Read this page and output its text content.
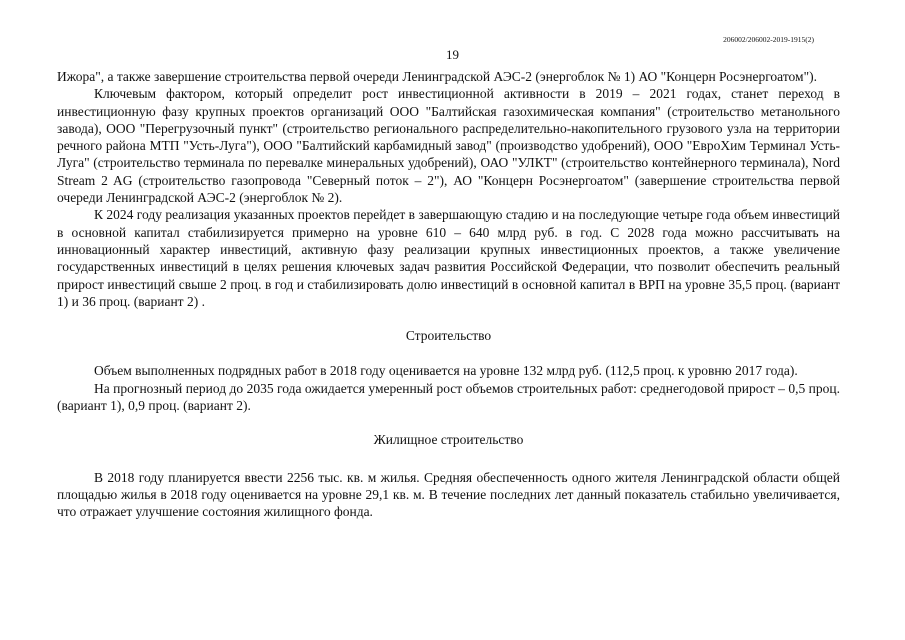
206002/206002-2019-1915(2)
19

Ижора", а также завершение строительства первой очереди Ленинградской АЭС-2 (энергоблок № 1) АО "Концерн Росэнергоатом").

Ключевым фактором, который определит рост инвестиционной активности в 2019 – 2021 годах, станет переход в инвестиционную фазу крупных проектов организаций ООО "Балтийская газохимическая компания" (строительство метанольного завода), ООО "Перегрузочный пункт" (строительство регионального распределительно-накопительного грузового узла на территории речного района МТП "Усть-Луга"), ООО "Балтийский карбамидный завод" (производство удобрений), ООО "ЕвроХим Терминал Усть-Луга" (строительство терминала по перевалке минеральных удобрений), ОАО "УЛКТ" (строительство контейнерного терминала), Nord Stream 2 AG (строительство газопровода "Северный поток – 2"), АО "Концерн Росэнергоатом" (завершение строительства первой очереди Ленинградской АЭС-2 (энергоблок № 2).

К 2024 году реализация указанных проектов перейдет в завершающую стадию и на последующие четыре года объем инвестиций в основной капитал стабилизируется примерно на уровне 610 – 640 млрд руб. в год. С 2028 года можно рассчитывать на инновационный характер инвестиций, активную фазу реализации крупных инвестиционных проектов, а также увеличение государственных инвестиций в целях решения ключевых задач развития Российской Федерации, что позволит обеспечить реальный прирост инвестиций свыше 2 проц. в год и стабилизировать долю инвестиций в основной капитал в ВРП на уровне 35,5 проц. (вариант 1) и 36 проц. (вариант 2) .

Строительство

Объем выполненных подрядных работ в 2018 году оценивается на уровне 132 млрд руб. (112,5 проц. к уровню 2017 года).

На прогнозный период до 2035 года ожидается умеренный рост объемов строительных работ: среднегодовой прирост – 0,5 проц. (вариант 1), 0,9 проц. (вариант 2).

Жилищное строительство

В 2018 году планируется ввести 2256 тыс. кв. м жилья. Средняя обеспеченность одного жителя Ленинградской области общей площадью жилья в 2018 году оценивается на уровне 29,1 кв. м. В течение последних лет данный показатель стабильно увеличивается, что отражает улучшение состояния жилищного фонда.
